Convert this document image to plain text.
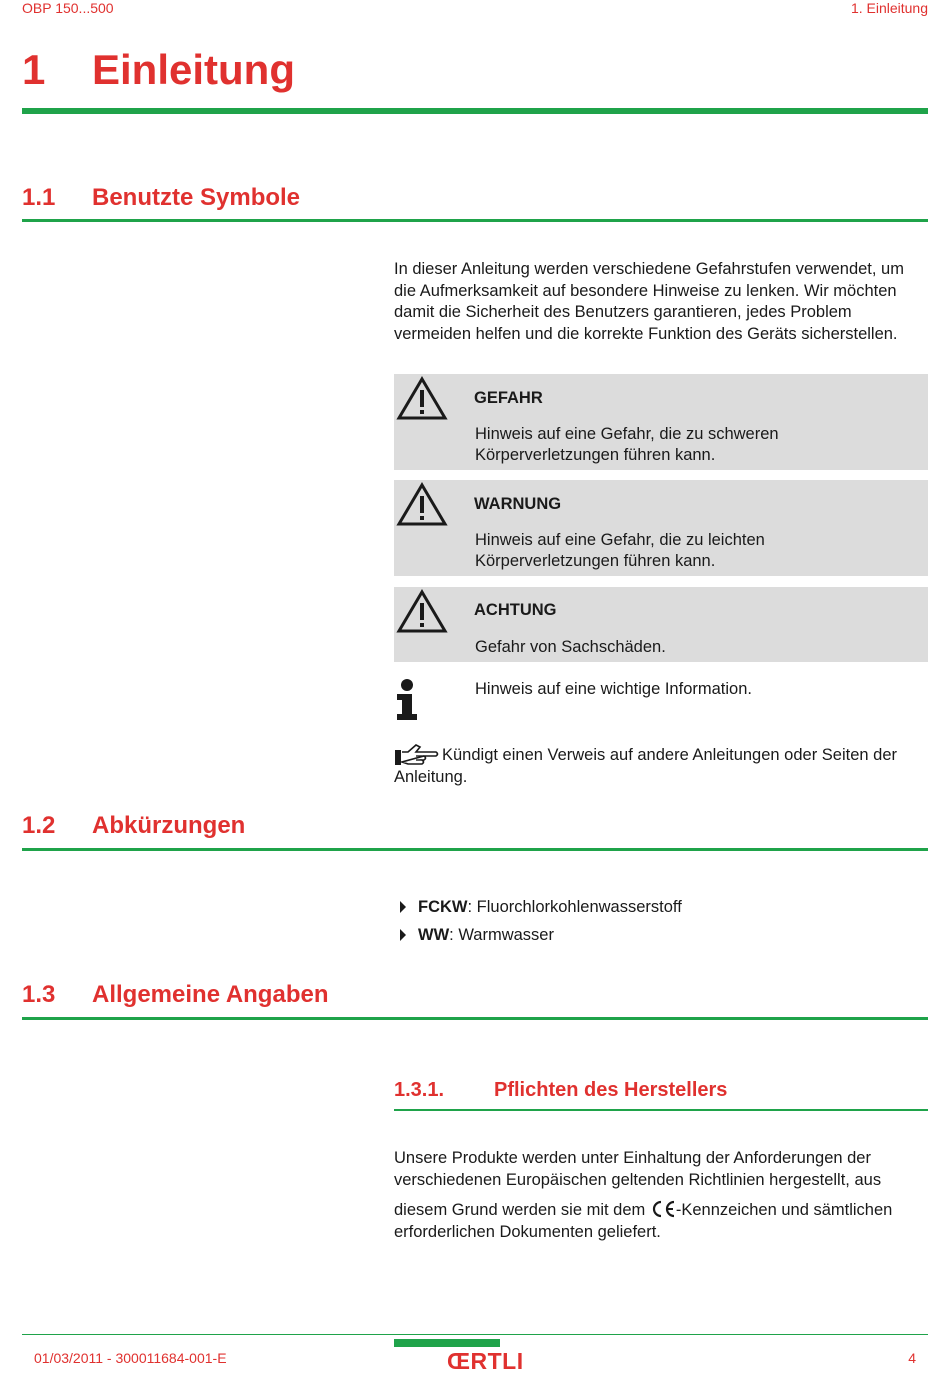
OBP 150...500	1. Einleitung
1 Einleitung
1.1 Benutzte Symbole
In dieser Anleitung werden verschiedene Gefahrstufen verwendet, um die Aufmerksamkeit auf besondere Hinweise zu lenken. Wir möchten damit die Sicherheit des Benutzers garantieren, jedes Problem vermeiden helfen und die korrekte Funktion des Geräts sicherstellen.
GEFAHR
Hinweis auf eine Gefahr, die zu schweren
Körperverletzungen führen kann.
WARNUNG
Hinweis auf eine Gefahr, die zu leichten
Körperverletzungen führen kann.
ACHTUNG
Gefahr von Sachschäden.
Hinweis auf eine wichtige Information.
Kündigt einen Verweis auf andere Anleitungen oder Seiten der Anleitung.
1.2 Abkürzungen
FCKW: Fluorchlorkohlenwasserstoff
WW: Warmwasser
1.3 Allgemeine Angaben
1.3.1. Pflichten des Herstellers
Unsere Produkte werden unter Einhaltung der Anforderungen der verschiedenen Europäischen geltenden Richtlinien hergestellt, aus
diesem Grund werden sie mit dem -Kennzeichen und sämtlichen
erforderlichen Dokumenten geliefert.
01/03/2011 - 300011684-001-E	ŒRTLI	4
